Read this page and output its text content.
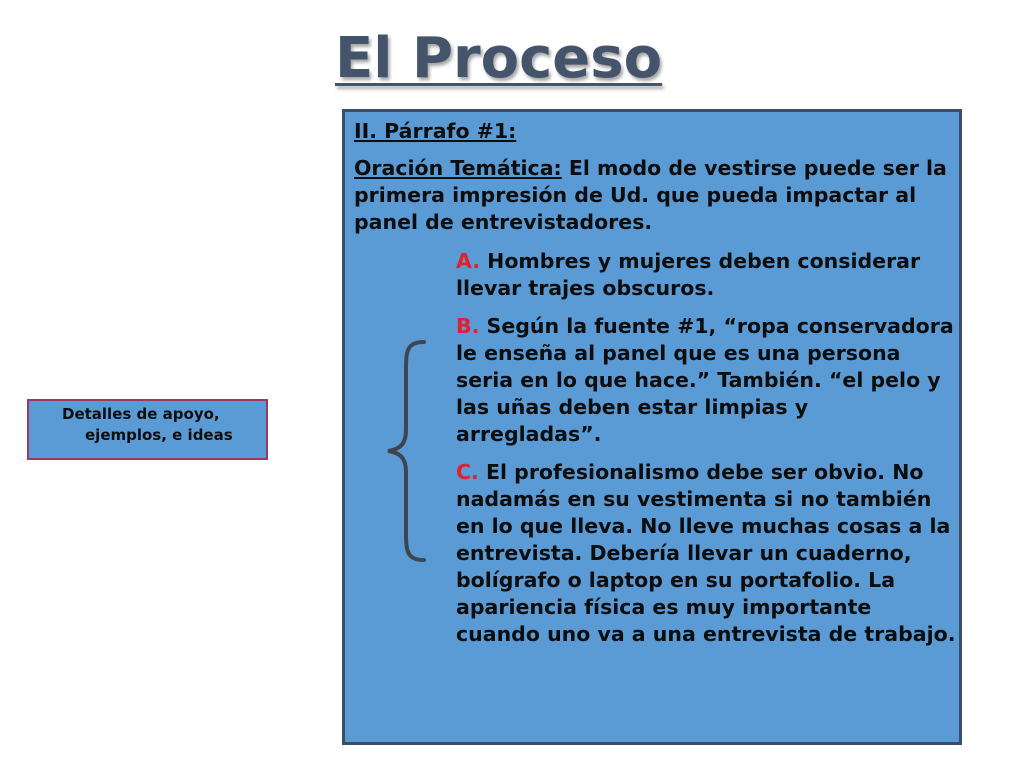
El Proceso

II. Párrafo #1:

Oración Temática: El modo de vestirse puede ser la primera impresión de Ud. que pueda impactar al panel de entrevistadores.

A. Hombres y mujeres deben considerar llevar trajes obscuros.

B. Según la fuente #1, “ropa conservadora le enseña al panel que es una persona seria en lo que hace.” También. “el pelo y las uñas deben estar limpias y arregladas”.

C. El profesionalismo debe ser obvio. No nadamás en su vestimenta si no también en lo que lleva. No lleve muchas cosas a la entrevista. Debería llevar un cuaderno, bolígrafo o laptop en su portafolio. La apariencia física es muy importante cuando uno va a una entrevista de trabajo.

Detalles de apoyo,
ejemplos, e ideas
